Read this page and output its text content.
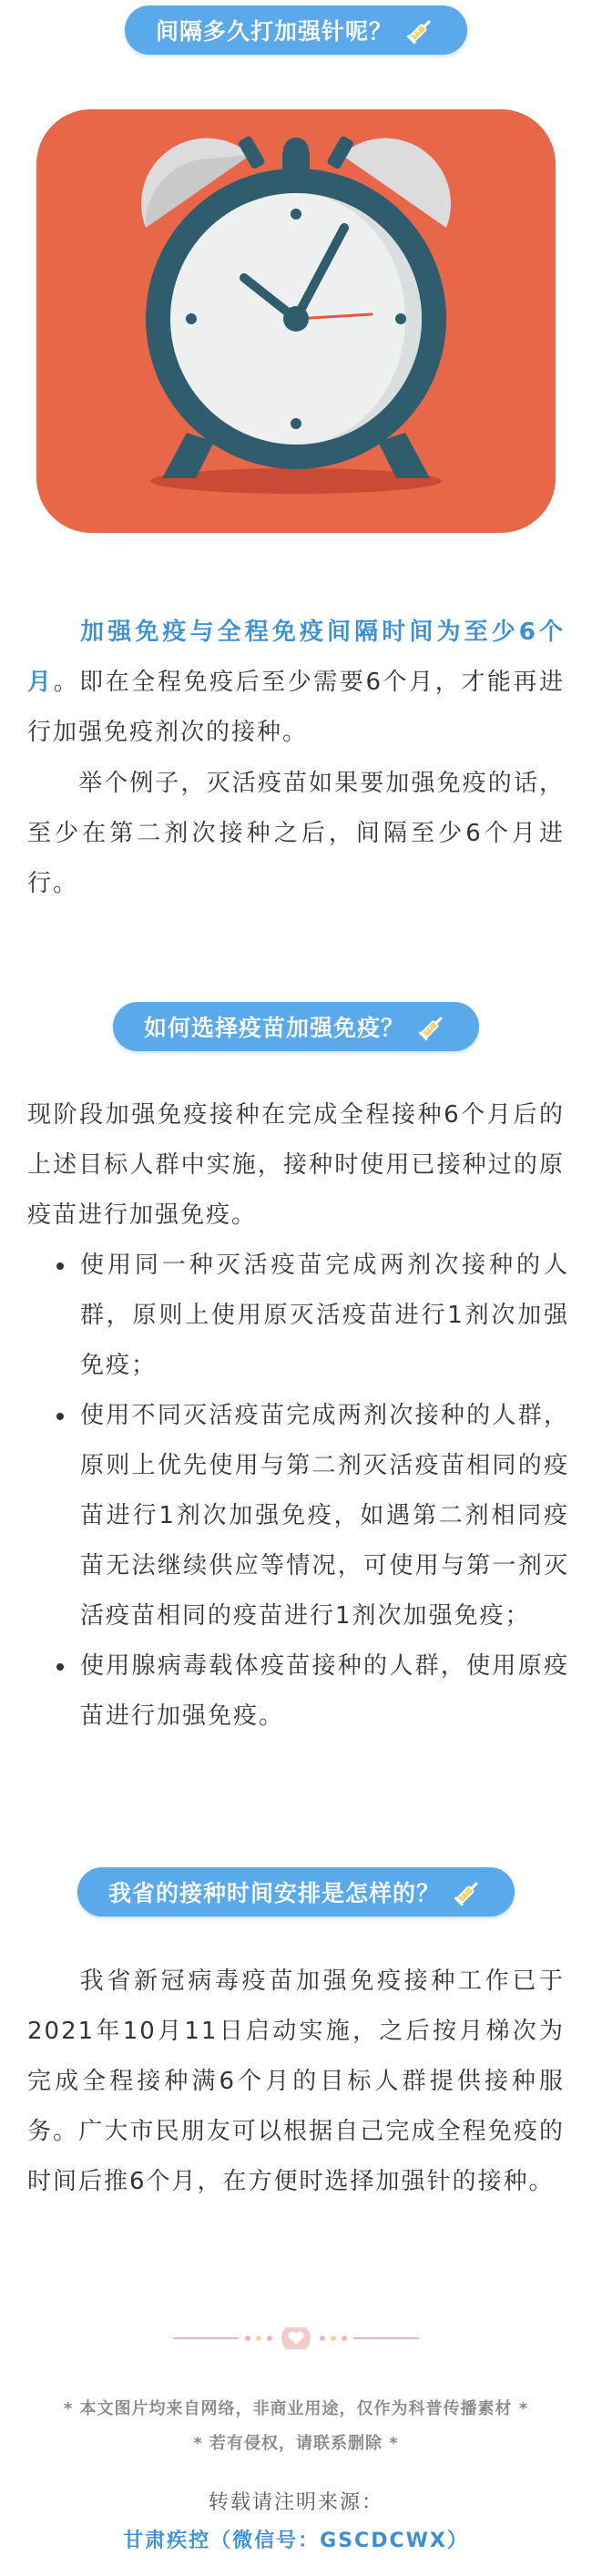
间隔多久打加强针呢？

加强免疫与全程免疫间隔时间为至少6个月。即在全程免疫后至少需要6个月，才能再进行加强免疫剂次的接种。

举个例子，灭活疫苗如果要加强免疫的话，至少在第二剂次接种之后，间隔至少6个月进行。

如何选择疫苗加强免疫？

现阶段加强免疫接种在完成全程接种6个月后的上述目标人群中实施，接种时使用已接种过的原疫苗进行加强免疫。

使用同一种灭活疫苗完成两剂次接种的人群，原则上使用原灭活疫苗进行1剂次加强免疫；
使用不同灭活疫苗完成两剂次接种的人群，原则上优先使用与第二剂灭活疫苗相同的疫苗进行1剂次加强免疫，如遇第二剂相同疫苗无法继续供应等情况，可使用与第一剂灭活疫苗相同的疫苗进行1剂次加强免疫；
使用腺病毒载体疫苗接种的人群，使用原疫苗进行加强免疫。
我省的接种时间安排是怎样的？

我省新冠病毒疫苗加强免疫接种工作已于2021年10月11日启动实施，之后按月梯次为完成全程接种满6个月的目标人群提供接种服务。广大市民朋友可以根据自己完成全程免疫的时间后推6个月，在方便时选择加强针的接种。

* 本文图片均来自网络，非商业用途，仅作为科普传播素材 *
* 若有侵权，请联系删除 *
转载请注明来源：
甘肃疾控（微信号：GSCDCWX）
